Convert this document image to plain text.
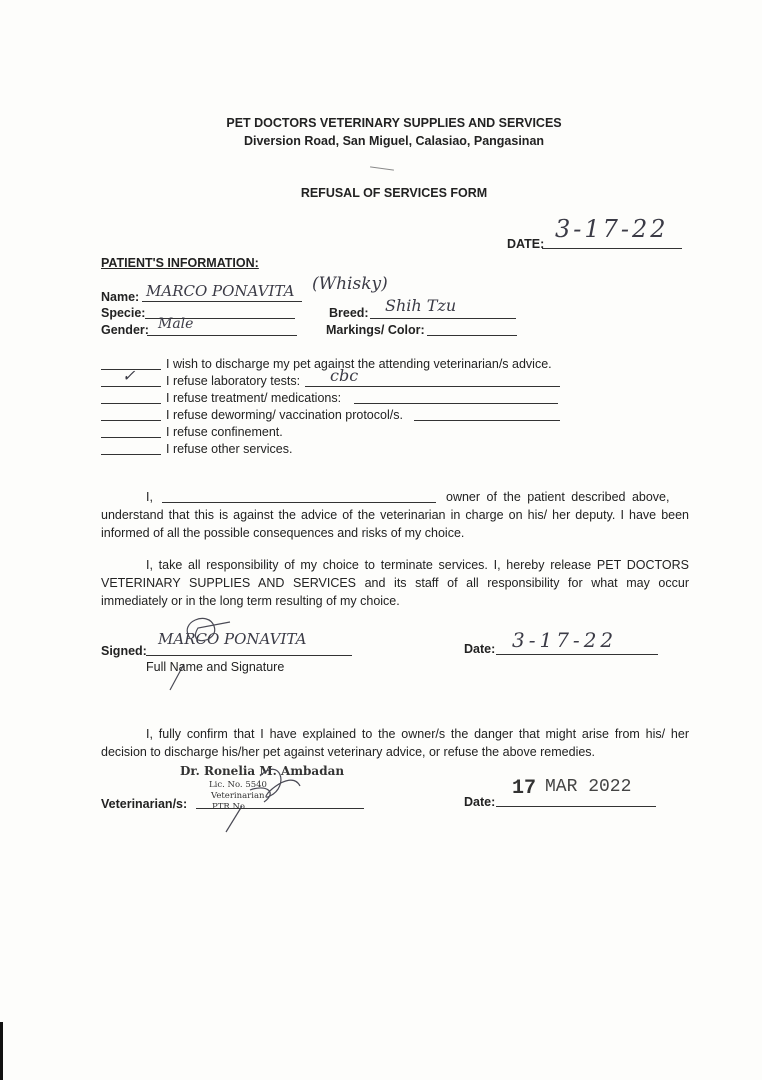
PET DOCTORS VETERINARY SUPPLIES AND SERVICES
Diversion Road, San Miguel, Calasiao, Pangasinan
REFUSAL OF SERVICES FORM
DATE:
3-17-22
PATIENT'S INFORMATION:
Name: MARCO PONAVITA (Whisky)
Specie:	Breed: Shih Tzu
Gender: Male	Markings/ Color:
I wish to discharge my pet against the attending veterinarian/s advice.
✓ I refuse laboratory tests: cbc
I refuse treatment/ medications:
I refuse deworming/ vaccination protocol/s.
I refuse confinement.
I refuse other services.
I,	owner of the patient described above,
understand that this is against the advice of the veterinarian in charge on his/ her deputy. I have been informed of all the possible consequences and risks of my choice.
I, take all responsibility of my choice to terminate services. I, hereby release PET DOCTORS VETERINARY SUPPLIES AND SERVICES and its staff of all responsibility for what may occur immediately or in the long term resulting of my choice.
Signed:
MARCO PONAVITA
Full Name and Signature
Date: 3-17-22
I, fully confirm that I have explained to the owner/s the danger that might arise from his/ her decision to discharge his/her pet against veterinary advice, or refuse the above remedies.
Dr. Ronelia M. Ambadan
Lic. No. 5540
Veterinarian
PTR No.
Veterinarian/s:	Date:
17 MAR 2022
